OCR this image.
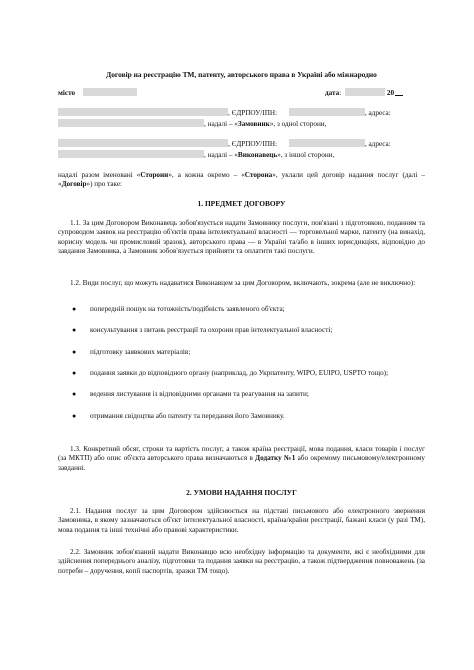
Договір на реєстрацію ТМ, патенту, авторського права в Україні або міжнародно
місто	дата:	20
, ЄДРПОУ/ІПН:	, адреса:
, надалі – «Замовник», з одної сторони,
, ЄДРПОУ/ІПН:	, адреса:
, надалі – «Виконавець», з іншої сторони,
надалі разом іменовані «Сторони», а кожна окремо – «Сторона», уклали цей договір надання послуг (далі – «Договір») про таке:
1. ПРЕДМЕТ ДОГОВОРУ
1.1. За цим Договором Виконавець зобов'язується надати Замовнику послуги, пов'язані з підготовкою, поданням та супроводом заявок на реєстрацію об'єктів права інтелектуальної власності — торговельної марки, патенту (на винахід, корисну модель чи промисловий зразок), авторського права — в Україні та/або в інших юрисдикціях, відповідно до завдання Замовника, а Замовник зобов'язується прийняти та оплатити такі послуги.
1.2. Види послуг, що можуть надаватися Виконавцем за цим Договором, включають, зокрема (але не виключно):
● попередній пошук на тотожність/подібність заявленого об'єкта;
● консультування з питань реєстрації та охорони прав інтелектуальної власності;
● підготовку заявкових матеріалів;
● подання заявки до відповідного органу (наприклад, до Укрпатенту, WIPO, EUIPO, USPTO тощо);
● ведення листування із відповідними органами та реагування на запити;
● отримання свідоцтва або патенту та передання його Замовнику.
1.3. Конкретний обсяг, строки та вартість послуг, а також країна реєстрації, мова подання, класи товарів і послуг (за МКТП) або опис об'єкта авторського права визначаються в Додатку №1 або окремому письмовому/електронному завданні.
2. УМОВИ НАДАННЯ ПОСЛУГ
2.1. Надання послуг за цим Договором здійснюється на підставі письмового або електронного звернення Замовника, в якому зазначаються об'єкт інтелектуальної власності, країна/країни реєстрації, бажані класи (у разі ТМ), мова подання та інші технічні або правові характеристики.
2.2. Замовник зобов'язаний надати Виконавцю всю необхідну інформацію та документи, які є необхідними для здійснення попереднього аналізу, підготовки та подання заявки на реєстрацію, а також підтвердження повноважень (за потреби – доручення, копії паспортів, зразки ТМ тощо).
